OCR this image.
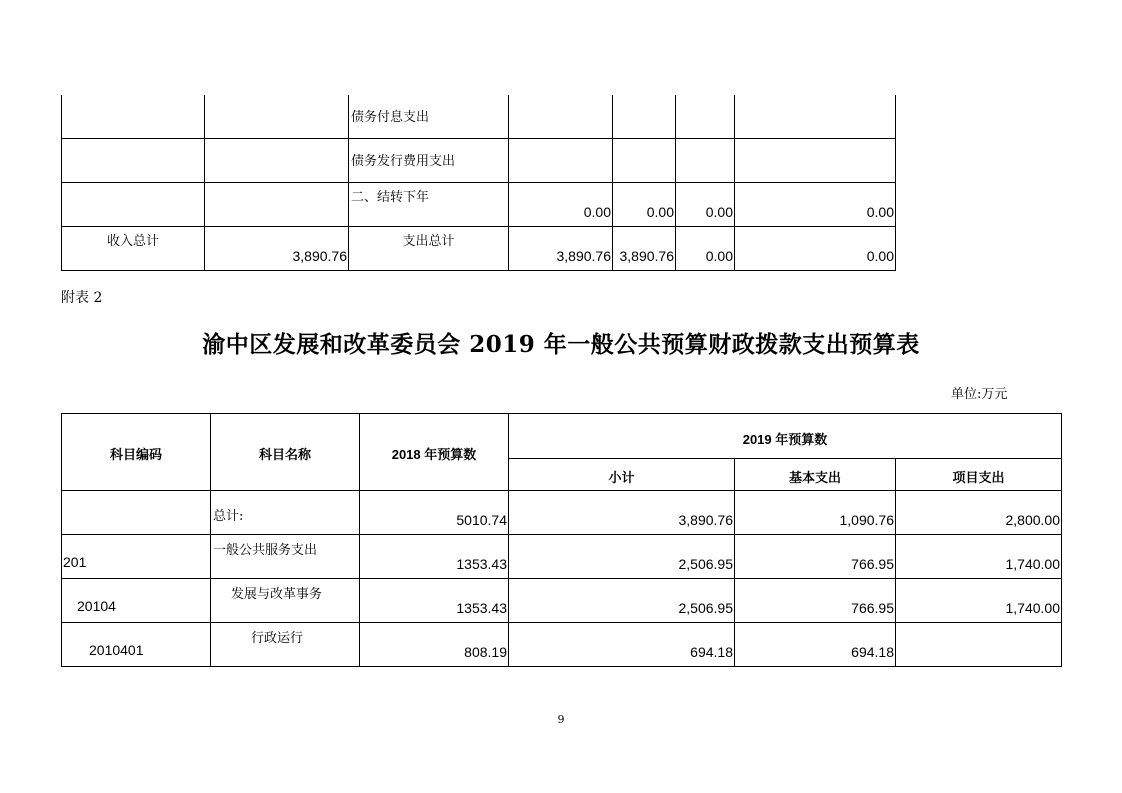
		债务付息支出				

		债务发行费用支出				

		二、结转下年	0.00	0.00	0.00	0.00

收入总计	3,890.76	支出总计	3,890.76	3,890.76	0.00	0.00
附表 2
渝中区发展和改革委员会 2019 年一般公共预算财政拨款支出预算表
单位:万元
科目编码	科目名称	2018 年预算数	2019 年预算数		

			小计	基本支出	项目支出

	总计:	5010.74	3,890.76	1,090.76	2,800.00

201	一般公共服务支出	1353.43	2,506.95	766.95	1,740.00

20104	发展与改革事务	1353.43	2,506.95	766.95	1,740.00

2010401	行政运行	808.19	694.18	694.18	

9
